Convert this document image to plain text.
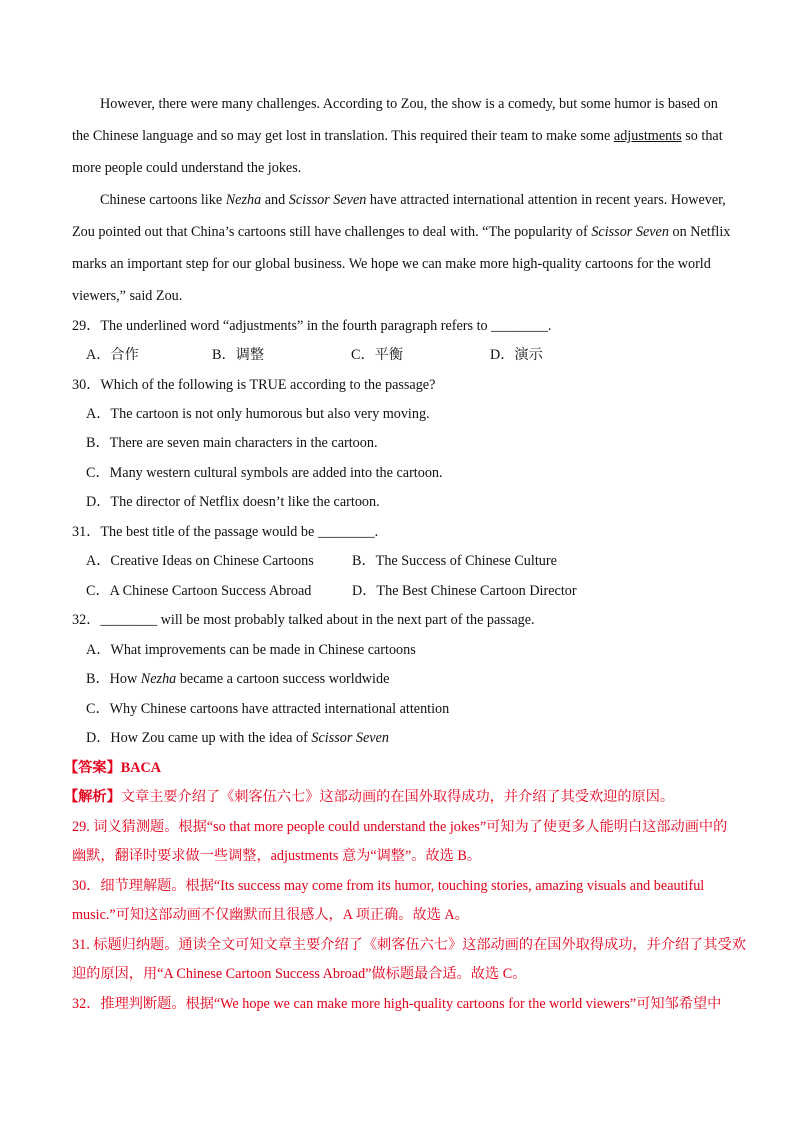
However, there were many challenges. According to Zou, the show is a comedy, but some humor is based on
the Chinese language and so may get lost in translation. This required their team to make some adjustments so that
more people could understand the jokes.
Chinese cartoons like Nezha and Scissor Seven have attracted international attention in recent years. However,
Zou pointed out that China’s cartoons still have challenges to deal with. “The popularity of Scissor Seven on Netflix
marks an important step for our global business. We hope we can make more high-quality cartoons for the world
viewers,” said Zou.
29．The underlined word “adjustments” in the fourth paragraph refers to ________.
A．合作	B．调整	C．平衡	D．演示
30．Which of the following is TRUE according to the passage?
A．The cartoon is not only humorous but also very moving.
B．There are seven main characters in the cartoon.
C．Many western cultural symbols are added into the cartoon.
D．The director of Netflix doesn’t like the cartoon.
31．The best title of the passage would be ________.
A．Creative Ideas on Chinese Cartoons	B．The Success of Chinese Culture
C．A Chinese Cartoon Success Abroad	D．The Best Chinese Cartoon Director
32．________ will be most probably talked about in the next part of the passage.
A．What improvements can be made in Chinese cartoons
B．How Nezha became a cartoon success worldwide
C．Why Chinese cartoons have attracted international attention
D．How Zou came up with the idea of Scissor Seven
【答案】BACA
【解析】文章主要介绍了《刺客伍六七》这部动画的在国外取得成功，并介绍了其受欢迎的原因。
29. 词义猜测题。根据“so that more people could understand the jokes”可知为了使更多人能明白这部动画中的
幽默，翻译时要求做一些调整，adjustments 意为“调整”。故选 B。
30．细节理解题。根据“Its success may come from its humor, touching stories, amazing visuals and beautiful
music.”可知这部动画不仅幽默而且很感人，A 项正确。故选 A。
31. 标题归纳题。通读全文可知文章主要介绍了《刺客伍六七》这部动画的在国外取得成功，并介绍了其受欢
迎的原因，用“A Chinese Cartoon Success Abroad”做标题最合适。故选 C。
32．推理判断题。根据“We hope we can make more high-quality cartoons for the world viewers”可知邹希望中
